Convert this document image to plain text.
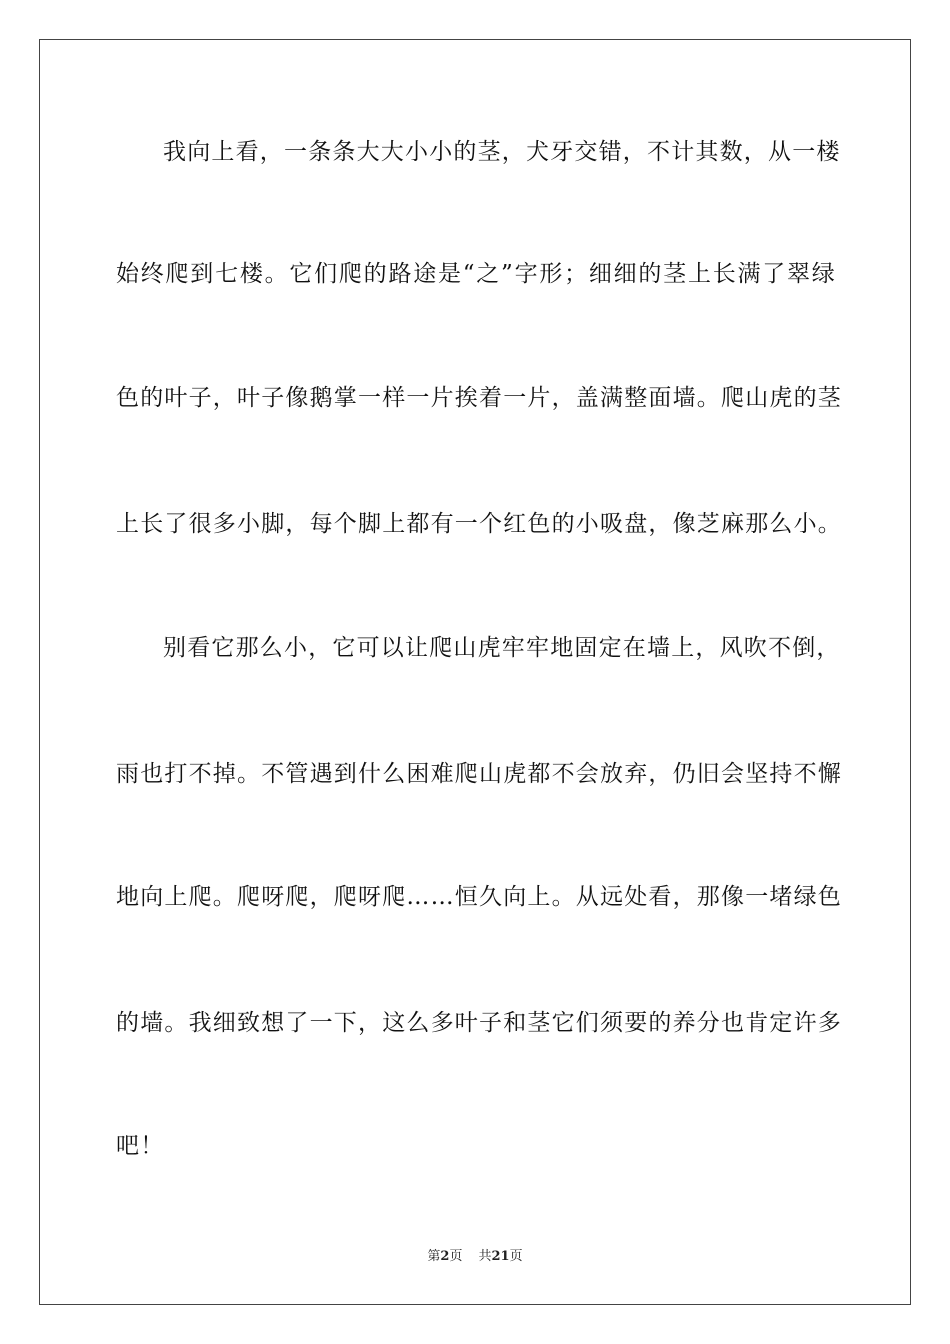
我向上看，一条条大大小小的茎，犬牙交错，不计其数，从一楼
始终爬到七楼。它们爬的路途是“之”字形；细细的茎上长满了翠绿
色的叶子，叶子像鹅掌一样一片挨着一片，盖满整面墙。爬山虎的茎
上长了很多小脚，每个脚上都有一个红色的小吸盘，像芝麻那么小。
别看它那么小，它可以让爬山虎牢牢地固定在墙上，风吹不倒，
雨也打不掉。不管遇到什么困难爬山虎都不会放弃，仍旧会坚持不懈
地向上爬。爬呀爬，爬呀爬……恒久向上。从远处看，那像一堵绿色
的墙。我细致想了一下，这么多叶子和茎它们须要的养分也肯定许多
吧！
第2页 共21页
